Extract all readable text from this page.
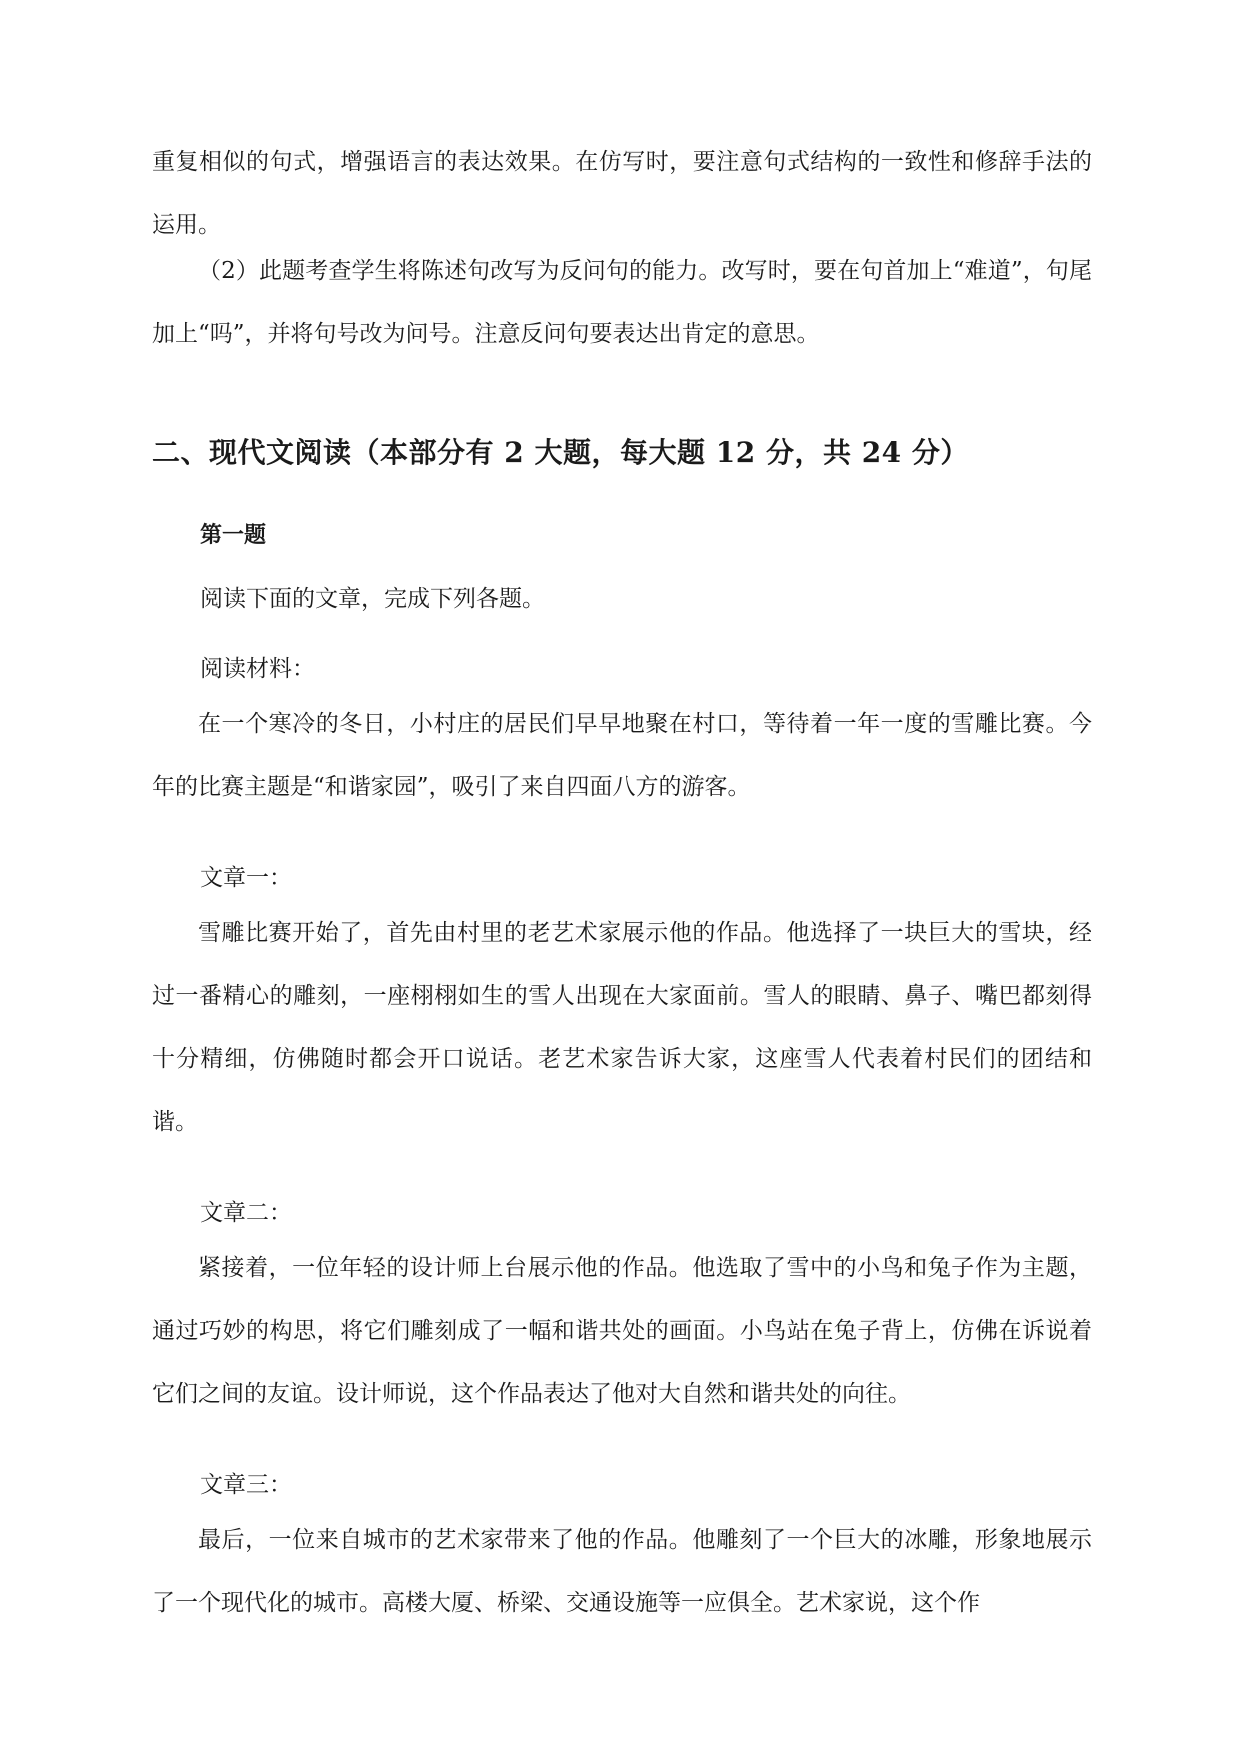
重复相似的句式，增强语言的表达效果。在仿写时，要注意句式结构的一致性和修辞手法的运用。

（2）此题考查学生将陈述句改写为反问句的能力。改写时，要在句首加上“难道”，句尾加上“吗”，并将句号改为问号。注意反问句要表达出肯定的意思。

二、现代文阅读（本部分有 2 大题，每大题 12 分，共 24 分）
第一题

阅读下面的文章，完成下列各题。

阅读材料：

在一个寒冷的冬日，小村庄的居民们早早地聚在村口，等待着一年一度的雪雕比赛。今年的比赛主题是“和谐家园”，吸引了来自四面八方的游客。

文章一：

雪雕比赛开始了，首先由村里的老艺术家展示他的作品。他选择了一块巨大的雪块，经过一番精心的雕刻，一座栩栩如生的雪人出现在大家面前。雪人的眼睛、鼻子、嘴巴都刻得十分精细，仿佛随时都会开口说话。老艺术家告诉大家，这座雪人代表着村民们的团结和谐。

文章二：

紧接着，一位年轻的设计师上台展示他的作品。他选取了雪中的小鸟和兔子作为主题，通过巧妙的构思，将它们雕刻成了一幅和谐共处的画面。小鸟站在兔子背上，仿佛在诉说着它们之间的友谊。设计师说，这个作品表达了他对大自然和谐共处的向往。

文章三：

最后，一位来自城市的艺术家带来了他的作品。他雕刻了一个巨大的冰雕，形象地展示了一个现代化的城市。高楼大厦、桥梁、交通设施等一应俱全。艺术家说，这个作
